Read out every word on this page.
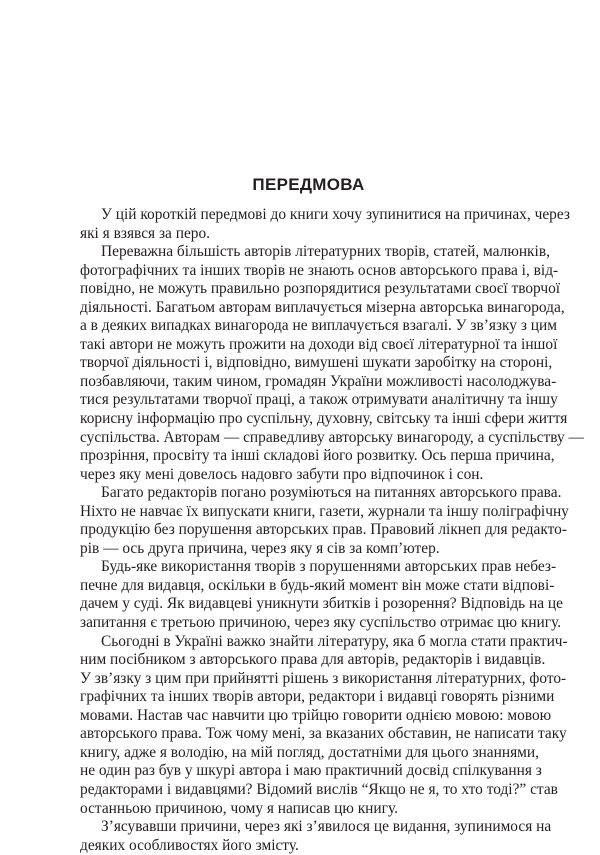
ПЕРЕДМОВА
У цій короткій передмові до книги хочу зупинитися на причинах, через
які я взявся за перо.
Переважна більшість авторів літературних творів, статей, малюнків,
фотографічних та інших творів не знають основ авторського права і, від-
повідно, не можуть правильно розпорядитися результатами своєї творчої
діяльності. Багатьом авторам виплачується мізерна авторська винагорода,
а в деяких випадках винагорода не виплачується взагалі. У зв’язку з цим
такі автори не можуть прожити на доходи від своєї літературної та іншої
творчої діяльності і, відповідно, вимушені шукати заробітку на стороні,
позбавляючи, таким чином, громадян України можливості насолоджува-
тися результатами творчої праці, а також отримувати аналітичну та іншу
корисну інформацію про суспільну, духовну, світську та інші сфери життя
суспільства. Авторам — справедливу авторську винагороду, а суспільству —
прозріння, просвіту та інші складові його розвитку. Ось перша причина,
через яку мені довелось надовго забути про відпочинок і сон.
Багато редакторів погано розуміються на питаннях авторського права.
Ніхто не навчає їх випускати книги, газети, журнали та іншу поліграфічну
продукцію без порушення авторських прав. Правовий лікнеп для редакто-
рів — ось друга причина, через яку я сів за комп’ютер.
Будь-яке використання творів з порушеннями авторських прав небез-
печне для видавця, оскільки в будь-який момент він може стати відпові-
дачем у суді. Як видавцеві уникнути збитків і розорення? Відповідь на це
запитання є третьою причиною, через яку суспільство отримає цю книгу.
Сьогодні в Україні важко знайти літературу, яка б могла стати практич-
ним посібником з авторського права для авторів, редакторів і видавців.
У зв’язку з цим при прийнятті рішень з використання літературних, фото-
графічних та інших творів автори, редактори і видавці говорять різними
мовами. Настав час навчити цю трійцю говорити однією мовою: мовою
авторського права. Тож чому мені, за вказаних обставин, не написати таку
книгу, адже я володію, на мій погляд, достатніми для цього знаннями,
не один раз був у шкурі автора і маю практичний досвід спілкування з
редакторами і видавцями? Відомий вислів “Якщо не я, то хто тоді?” став
останньою причиною, чому я написав цю книгу.
З’ясувавши причини, через які з’явилося це видання, зупинимося на
деяких особливостях його змісту.
